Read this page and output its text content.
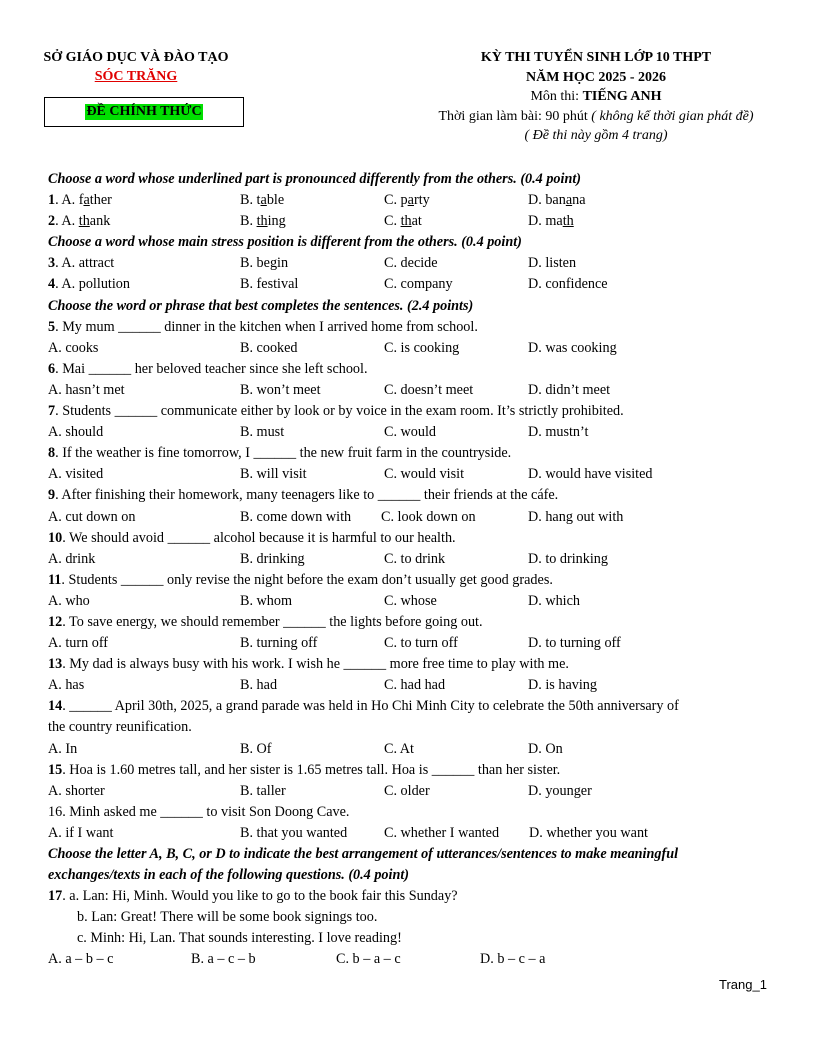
SỞ GIÁO DỤC VÀ ĐÀO TẠO
SÓC TRĂNG
ĐỀ CHÍNH THỨC
KỲ THI TUYỂN SINH LỚP 10 THPT
NĂM HỌC 2025 - 2026
Môn thi: TIẾNG ANH
Thời gian làm bài: 90 phút ( không kể thời gian phát đề)
( Đề thi này gồm 4 trang)
Choose a word whose underlined part is pronounced differently from the others. (0.4 point)
1. A. father	B. table	C. party	D. banana
2. A. thank	B. thing	C. that	D. math
Choose a word whose main stress position is different from the others. (0.4 point)
3. A. attract	B. begin	C. decide	D. listen
4. A. pollution	B. festival	C. company	D. confidence
Choose the word or phrase that best completes the sentences. (2.4 points)
5. My mum ______ dinner in the kitchen when I arrived home from school.
A. cooks	B. cooked	C. is cooking	D. was cooking
6. Mai ______ her beloved teacher since she left school.
A. hasn’t met	B. won’t meet	C. doesn’t meet	D. didn’t meet
7. Students ______ communicate either by look or by voice in the exam room. It’s strictly prohibited.
A. should	B. must	C. would	D. mustn’t
8. If the weather is fine tomorrow, I ______ the new fruit farm in the countryside.
A. visited	B. will visit	C. would visit	D. would have visited
9. After finishing their homework, many teenagers like to ______ their friends at the cáfe.
A. cut down on	B. come down with C. look down on	D. hang out with
10. We should avoid ______ alcohol because it is harmful to our health.
A. drink	B. drinking	C. to drink	D. to drinking
11. Students ______ only revise the night before the exam don’t usually get good grades.
A. who	B. whom	C. whose	D. which
12. To save energy, we should remember ______ the lights before going out.
A. turn off	B. turning off	C. to turn off	D. to turning off
13. My dad is always busy with his work. I wish he ______ more free time to play with me.
A. has	B. had	C. had had	D. is having
14. ______ April 30th, 2025, a grand parade was held in Ho Chi Minh City to celebrate the 50th anniversary of
the country reunification.
A. In	B. Of	C. At	D. On
15. Hoa is 1.60 metres tall, and her sister is 1.65 metres tall. Hoa is ______ than her sister.
A. shorter	B. taller	C. older	D. younger
16. Minh asked me ______ to visit Son Doong Cave.
A. if I want	B. that you wanted	C. whether I wanted D. whether you want
Choose the letter A, B, C, or D to indicate the best arrangement of utterances/sentences to make meaningful
exchanges/texts in each of the following questions. (0.4 point)
17. a. Lan: Hi, Minh. Would you like to go to the book fair this Sunday?
b. Lan: Great! There will be some book signings too.
c. Minh: Hi, Lan. That sounds interesting. I love reading!
A. a – b – c	B. a – c – b	C. b – a – c	D. b – c – a
Trang_1
